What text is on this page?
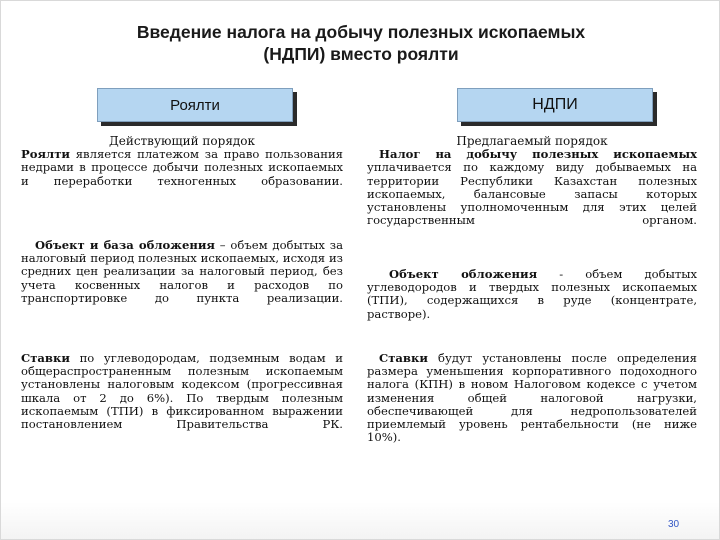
Введение налога на добычу полезных ископаемых
(НДПИ) вместо роялти
Роялти	НДПИ

Действующий порядок

Роялти является платежом за право пользования недрами в процессе добычи полезных ископаемых и переработки техногенных образовании.

Объект и база обложения – объем добытых за налоговый период полезных ископаемых, исходя из средних цен реализации за налоговый период, без учета косвенных налогов и расходов по транспортировке до пункта реализации.

Ставки по углеводородам, подземным водам и общераспространенным полезным ископаемым установлены налоговым кодексом (прогрессивная шкала от 2 до 6%). По твердым полезным ископаемым (ТПИ) в фиксированном выражении постановлением Правительства РК.

Предлагаемый порядок

Налог на добычу полезных ископаемых уплачивается по каждому виду добываемых на территории Республики Казахстан полезных ископаемых, балансовые запасы которых установлены уполномоченным для этих целей государственным органом.

Объект обложения - объем добытых углеводородов и твердых полезных ископаемых (ТПИ), содержащихся в руде (концентрате, растворе).

Ставки будут установлены после определения размера уменьшения корпоративного подоходного налога (КПН) в новом Налоговом кодексе с учетом изменения общей налоговой нагрузки, обеспечивающей для недропользователей приемлемый уровень рентабельности (не ниже 10%).

30
